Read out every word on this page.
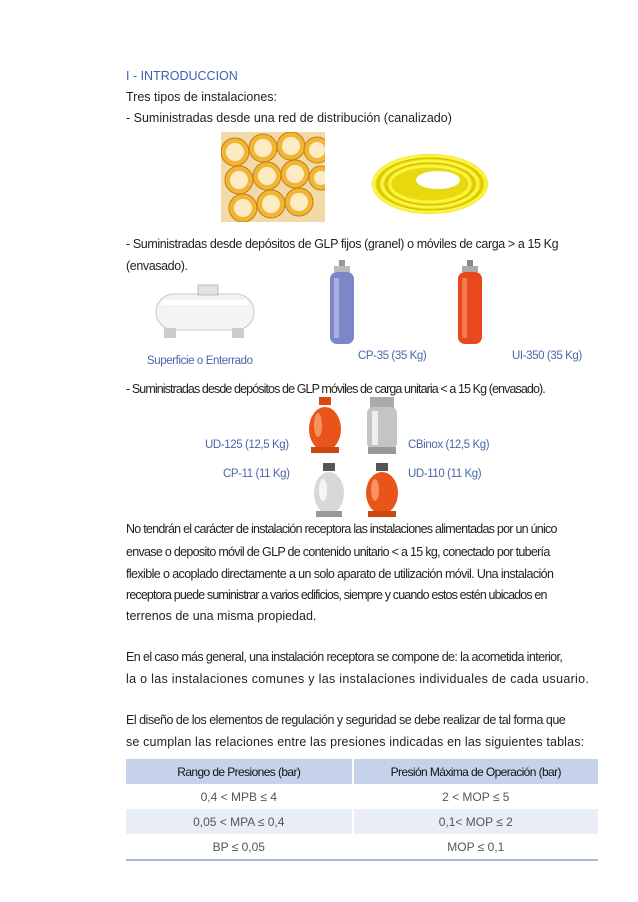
I - INTRODUCCION
Tres tipos de instalaciones:
- Suministradas desde una red de distribución (canalizado)
- Suministradas desde depósitos de GLP fijos (granel) o móviles de carga > a 15 Kg
(envasado).
Superficie o Enterrado	CP-35 (35 Kg)	UI-350 (35 Kg)
- Suministradas desde depósitos de GLP móviles de carga unitaria < a 15 Kg (envasado).
UD-125 (12,5 Kg)	CBinox (12,5 Kg)
CP-11 (11 Kg)	UD-110 (11 Kg)
No tendrán el carácter de instalación receptora las instalaciones alimentadas por un único
envase o deposito móvil de GLP de contenido unitario < a 15 kg, conectado por tubería
flexible o acoplado directamente a un solo aparato de utilización móvil. Una instalación
receptora puede suministrar a varios edificios, siempre y cuando estos estén ubicados en
terrenos de una misma propiedad.
En el caso más general, una instalación receptora se compone de: la acometida interior,
la o las instalaciones comunes y las instalaciones individuales de cada usuario.
El diseño de los elementos de regulación y seguridad se debe realizar de tal forma que
se cumplan las relaciones entre las presiones indicadas en las siguientes tablas:
Rango de Presiones (bar)	Presión Máxima de Operación (bar)
0,4 < MPB ≤ 4	2 < MOP ≤ 5
0,05 < MPA ≤ 0,4	0,1< MOP ≤ 2
BP ≤ 0,05	MOP ≤ 0,1
